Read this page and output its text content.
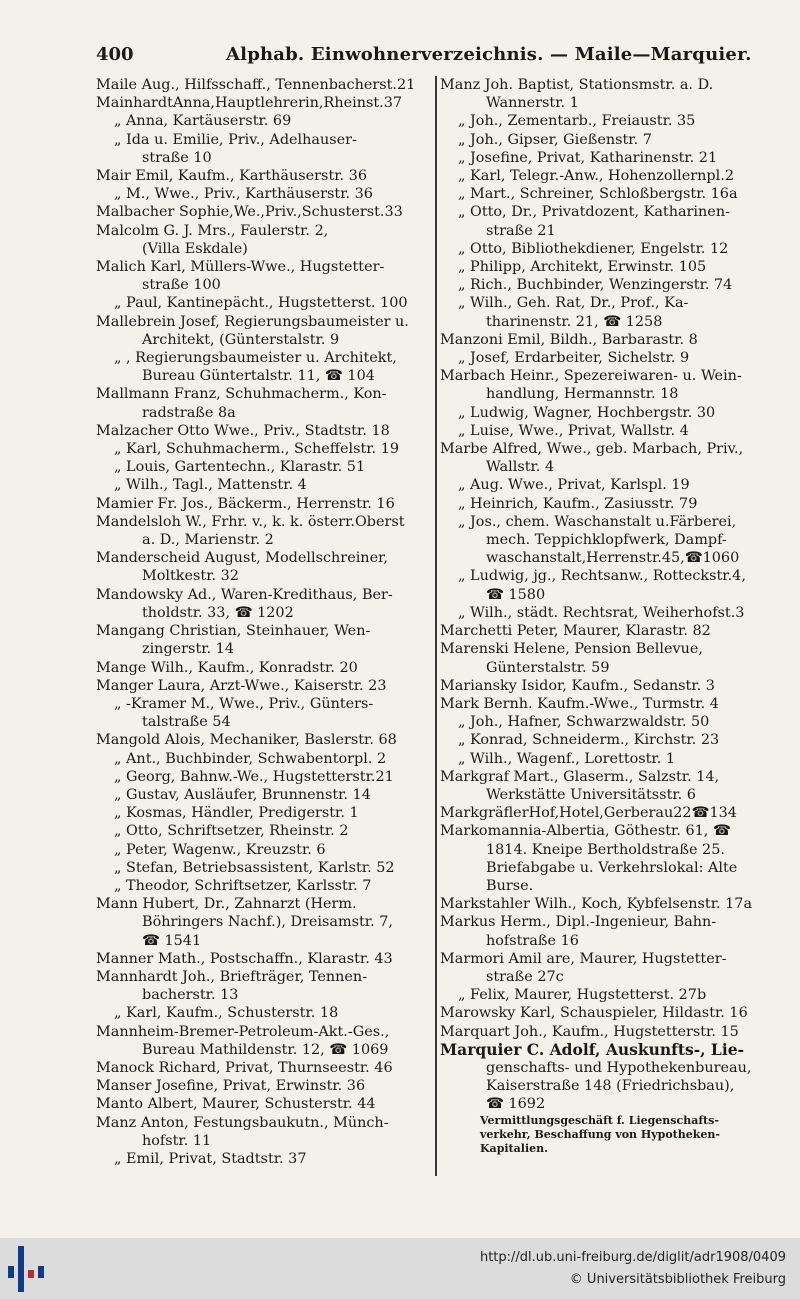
400	Alphab. Einwohnerverzeichnis. — Maile—Marquier.
Maile Aug., Hilfsschaff., Tennenbacherst.21
MainhardtAnna,Hauptlehrerin,Rheinst.37
„ Anna, Kartäuserstr. 69
„ Ida u. Emilie, Priv., Adelhauser-
straße 10
Mair Emil, Kaufm., Karthäuserstr. 36
„ M., Wwe., Priv., Karthäuserstr. 36
Malbacher Sophie,We.,Priv.,Schusterst.33
Malcolm G. J. Mrs., Faulerstr. 2,
(Villa Eskdale)
Malich Karl, Müllers-Wwe., Hugstetter-
straße 100
„ Paul, Kantinepächt., Hugstetterst. 100
Mallebrein Josef, Regierungsbaumeister u.
Architekt, (Günterstalstr. 9
„ , Regierungsbaumeister u. Architekt,
Bureau Güntertalstr. 11, ☎ 104
Mallmann Franz, Schuhmacherm., Kon-
radstraße 8a
Malzacher Otto Wwe., Priv., Stadtstr. 18
„ Karl, Schuhmacherm., Scheffelstr. 19
„ Louis, Gartentechn., Klarastr. 51
„ Wilh., Tagl., Mattenstr. 4
Mamier Fr. Jos., Bäckerm., Herrenstr. 16
Mandelsloh W., Frhr. v., k. k. österr.Oberst
a. D., Marienstr. 2
Manderscheid August, Modellschreiner,
Moltkestr. 32
Mandowsky Ad., Waren-Kredithaus, Ber-
tholdstr. 33, ☎ 1202
Mangang Christian, Steinhauer, Wen-
zingerstr. 14
Mange Wilh., Kaufm., Konradstr. 20
Manger Laura, Arzt-Wwe., Kaiserstr. 23
„ -Kramer M., Wwe., Priv., Günters-
talstraße 54
Mangold Alois, Mechaniker, Baslerstr. 68
„ Ant., Buchbinder, Schwabentorpl. 2
„ Georg, Bahnw.-We., Hugstetterstr.21
„ Gustav, Ausläufer, Brunnenstr. 14
„ Kosmas, Händler, Predigerstr. 1
„ Otto, Schriftsetzer, Rheinstr. 2
„ Peter, Wagenw., Kreuzstr. 6
„ Stefan, Betriebsassistent, Karlstr. 52
„ Theodor, Schriftsetzer, Karlsstr. 7
Mann Hubert, Dr., Zahnarzt (Herm.
Böhringers Nachf.), Dreisamstr. 7,
☎ 1541
Manner Math., Postschaffn., Klarastr. 43
Mannhardt Joh., Briefträger, Tennen-
bacherstr. 13
„ Karl, Kaufm., Schusterstr. 18
Mannheim-Bremer-Petroleum-Akt.-Ges.,
Bureau Mathildenstr. 12, ☎ 1069
Manock Richard, Privat, Thurnseestr. 46
Manser Josefine, Privat, Erwinstr. 36
Manto Albert, Maurer, Schusterstr. 44
Manz Anton, Festungsbaukutn., Münch-
hofstr. 11
„ Emil, Privat, Stadtstr. 37
Manz Joh. Baptist, Stationsmstr. a. D.
Wannerstr. 1
„ Joh., Zementarb., Freiaustr. 35
„ Joh., Gipser, Gießenstr. 7
„ Josefine, Privat, Katharinenstr. 21
„ Karl, Telegr.-Anw., Hohenzollernpl.2
„ Mart., Schreiner, Schloßbergstr. 16a
„ Otto, Dr., Privatdozent, Katharinen-
straße 21
„ Otto, Bibliothekdiener, Engelstr. 12
„ Philipp, Architekt, Erwinstr. 105
„ Rich., Buchbinder, Wenzingerstr. 74
„ Wilh., Geh. Rat, Dr., Prof., Ka-
tharinenstr. 21, ☎ 1258
Manzoni Emil, Bildh., Barbarastr. 8
„ Josef, Erdarbeiter, Sichelstr. 9
Marbach Heinr., Spezereiwaren- u. Wein-
handlung, Hermannstr. 18
„ Ludwig, Wagner, Hochbergstr. 30
„ Luise, Wwe., Privat, Wallstr. 4
Marbe Alfred, Wwe., geb. Marbach, Priv.,
Wallstr. 4
„ Aug. Wwe., Privat, Karlspl. 19
„ Heinrich, Kaufm., Zasiusstr. 79
„ Jos., chem. Waschanstalt u.Färberei,
mech. Teppichklopfwerk, Dampf-
waschanstalt,Herrenstr.45,☎1060
„ Ludwig, jg., Rechtsanw., Rotteckstr.4,
☎ 1580
„ Wilh., städt. Rechtsrat, Weiherhofst.3
Marchetti Peter, Maurer, Klarastr. 82
Marenski Helene, Pension Bellevue,
Günterstalstr. 59
Mariansky Isidor, Kaufm., Sedanstr. 3
Mark Bernh. Kaufm.-Wwe., Turmstr. 4
„ Joh., Hafner, Schwarzwaldstr. 50
„ Konrad, Schneiderm., Kirchstr. 23
„ Wilh., Wagenf., Lorettostr. 1
Markgraf Mart., Glaserm., Salzstr. 14,
Werkstätte Universitätsstr. 6
MarkgräflerHof,Hotel,Gerberau22☎134
Markomannia-Albertia, Göthestr. 61, ☎
1814. Kneipe Bertholdstraße 25.
Briefabgabe u. Verkehrslokal: Alte
Burse.
Markstahler Wilh., Koch, Kybfelsenstr. 17a
Markus Herm., Dipl.-Ingenieur, Bahn-
hofstraße 16
Marmori Amil are, Maurer, Hugstetter-
straße 27c
„ Felix, Maurer, Hugstetterst. 27b
Marowsky Karl, Schauspieler, Hildastr. 16
Marquart Joh., Kaufm., Hugstetterstr. 15
Marquier C. Adolf, Auskunfts-, Lie-
genschafts- und Hypothekenbureau,
Kaiserstraße 148 (Friedrichsbau),
☎ 1692
Vermittlungsgeschäft f. Liegenschafts-
verkehr, Beschaffung von Hypotheken-
Kapitalien.
http://dl.ub.uni-freiburg.de/diglit/adr1908/0409
© Universitätsbibliothek Freiburg
